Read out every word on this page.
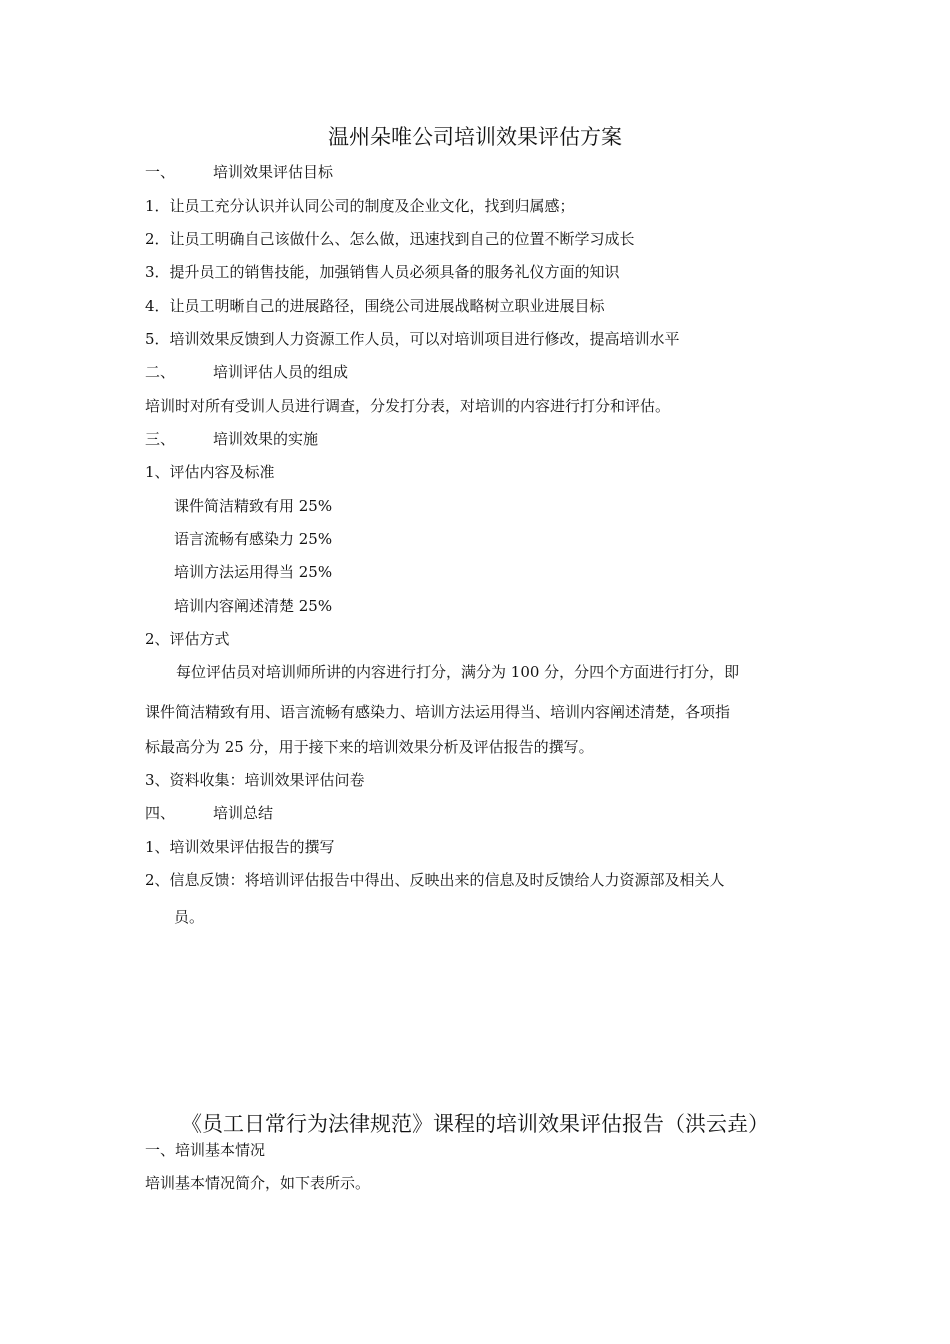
温州朵唯公司培训效果评估方案
一、	培训效果评估目标
1．让员工充分认识并认同公司的制度及企业文化，找到归属感；
2．让员工明确自己该做什么、怎么做，迅速找到自己的位置不断学习成长
3．提升员工的销售技能，加强销售人员必须具备的服务礼仪方面的知识
4．让员工明晰自己的进展路径，围绕公司进展战略树立职业进展目标
5．培训效果反馈到人力资源工作人员，可以对培训项目进行修改，提高培训水平
二、	培训评估人员的组成
培训时对所有受训人员进行调查，分发打分表，对培训的内容进行打分和评估。
三、	培训效果的实施
1、评估内容及标准
课件简洁精致有用 25%
语言流畅有感染力 25%
培训方法运用得当 25%
培训内容阐述清楚 25%
2、评估方式
每位评估员对培训师所讲的内容进行打分，满分为 100 分，分四个方面进行打分，即
课件简洁精致有用、语言流畅有感染力、培训方法运用得当、培训内容阐述清楚，各项指
标最高分为 25 分，用于接下来的培训效果分析及评估报告的撰写。
3、资料收集：培训效果评估问卷
四、	培训总结
1、培训效果评估报告的撰写
2、信息反馈：将培训评估报告中得出、反映出来的信息及时反馈给人力资源部及相关人
员。
《员工日常行为法律规范》课程的培训效果评估报告（洪云垚）
一、培训基本情况
培训基本情况简介，如下表所示。
